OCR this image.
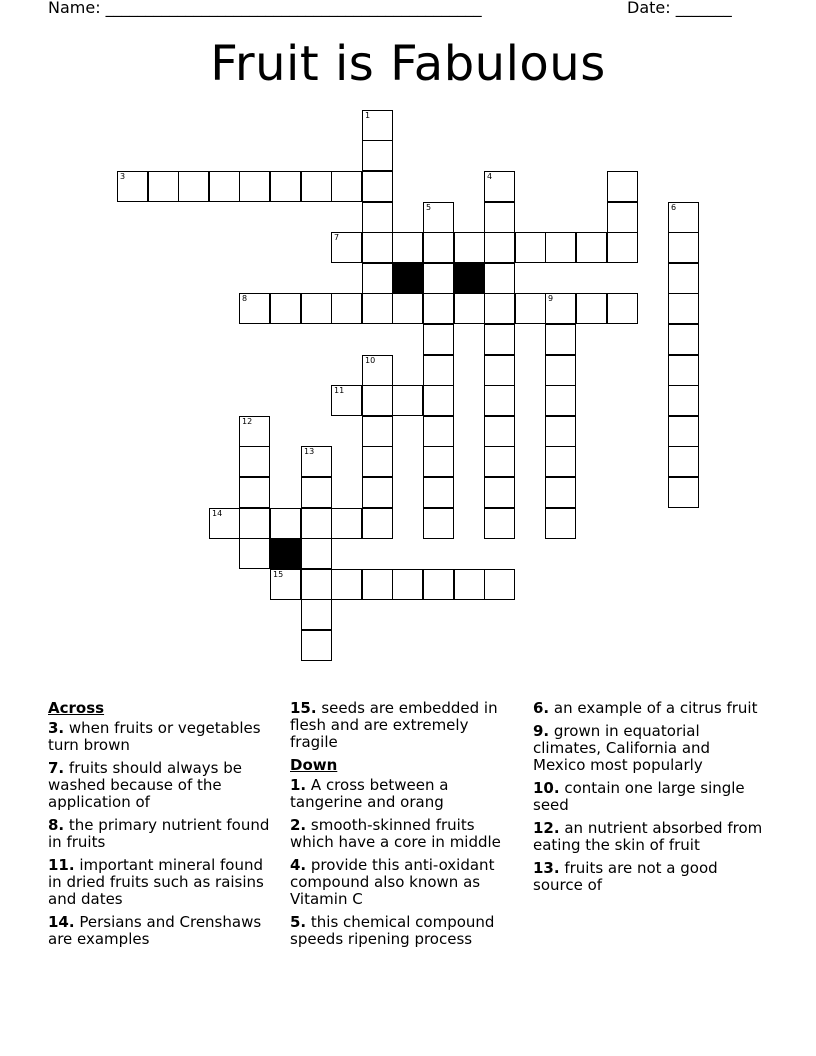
Name: _______________________________________________	Date: _______
Fruit is Fabulous
1
3	4
5	6
7
8	9
10
11
12
13
14
15
Across
3. when fruits or vegetables turn brown
7. fruits should always be washed because of the application of
8. the primary nutrient found in fruits
11. important mineral found in dried fruits such as raisins and dates
14. Persians and Crenshaws are examples
15. seeds are embedded in flesh and are extremely fragile
Down
1. A cross between a tangerine and orang
2. smooth-skinned fruits which have a core in middle
4. provide this anti-oxidant compound also known as Vitamin C
5. this chemical compound speeds ripening process
6. an example of a citrus fruit
9. grown in equatorial climates, California and Mexico most popularly
10. contain one large single seed
12. an nutrient absorbed from eating the skin of fruit
13. fruits are not a good source of
